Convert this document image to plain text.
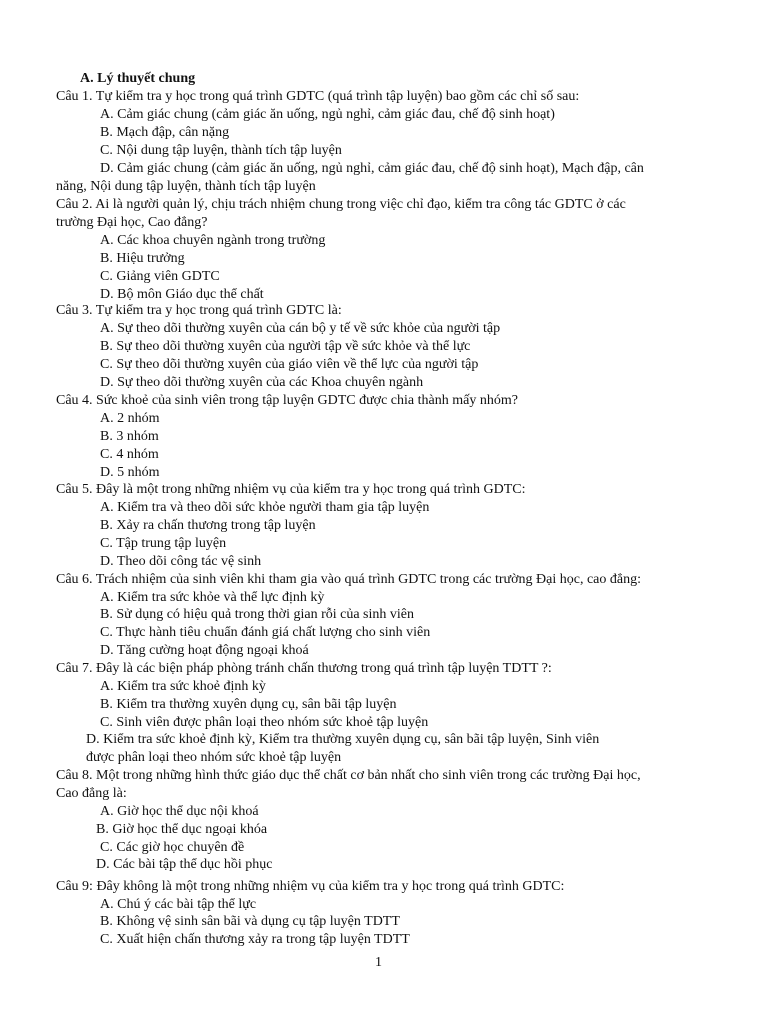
A. Lý thuyết chung
Câu 1. Tự kiểm tra y học trong quá trình GDTC (quá trình tập luyện) bao gồm các chỉ số sau:
A. Cảm giác chung (cảm giác ăn uống, ngủ nghỉ, cảm giác đau, chế độ sinh hoạt)
B. Mạch đập, cân nặng
C. Nội dung tập luyện, thành tích tập luyện
D. Cảm giác chung (cảm giác ăn uống, ngủ nghỉ, cảm giác đau, chế độ sinh hoạt), Mạch đập, cân
năng, Nội dung tập luyện, thành tích tập luyện
Câu 2. Ai là người quản lý, chịu trách nhiệm chung trong việc chỉ đạo, kiểm tra công tác GDTC ở các
trường Đại học, Cao đẳng?
A. Các khoa chuyên ngành trong trường
B. Hiệu trưởng
C. Giảng viên GDTC
D. Bộ môn Giáo dục thể chất
Câu 3. Tự kiểm tra y học trong quá trình GDTC là:
A. Sự theo dõi thường xuyên của cán bộ y tế về sức khỏe của người tập
B. Sự theo dõi thường xuyên của người tập về sức khỏe và thể lực
C. Sự theo dõi thường xuyên của giáo viên về thể lực của người tập
D. Sự theo dõi thường xuyên của các Khoa chuyên ngành
Câu 4. Sức khoẻ của sinh viên trong tập luyện GDTC được chia thành mấy nhóm?
A. 2 nhóm
B. 3 nhóm
C. 4 nhóm
D. 5 nhóm
Câu 5. Đây là một trong những nhiệm vụ của kiểm tra y học trong quá trình GDTC:
A. Kiểm tra và theo dõi sức khỏe người tham gia tập luyện
B. Xảy ra chấn thương trong tập luyện
C. Tập trung tập luyện
D. Theo dõi công tác vệ sinh
Câu 6. Trách nhiệm của sinh viên khi tham gia vào quá trình GDTC trong các trường Đại học, cao đẳng:
A. Kiểm tra sức khỏe và thể lực định kỳ
B. Sử dụng có hiệu quả trong thời gian rỗi của sinh viên
C. Thực hành tiêu chuẩn đánh giá chất lượng cho sinh viên
D. Tăng cường hoạt động ngoại khoá
Câu 7. Đây là các biện pháp phòng tránh chấn thương trong quá trình tập luyện TDTT ?:
A. Kiểm tra sức khoẻ định kỳ
B. Kiểm tra thường xuyên dụng cụ, sân bãi tập luyện
C. Sinh viên được phân loại theo nhóm sức khoẻ tập luyện
D. Kiểm tra sức khoẻ định kỳ, Kiểm tra thường xuyên dụng cụ, sân bãi tập luyện, Sinh viên
được phân loại theo nhóm sức khoẻ tập luyện
Câu 8. Một trong những hình thức giáo dục thể chất cơ bản nhất cho sinh viên trong các trường Đại học,
Cao đẳng là:
A. Giờ học thể dục nội khoá
B. Giờ học thể dục ngoại khóa
C. Các giờ học chuyên đề
D. Các bài tập thể dục hồi phục
Câu 9: Đây không là một trong những nhiệm vụ của kiểm tra y học trong quá trình GDTC:
A. Chú ý các bài tập thể lực
B. Không vệ sinh sân bãi và dụng cụ tập luyện TDTT
C. Xuất hiện chấn thương xảy ra trong tập luyện TDTT
1
